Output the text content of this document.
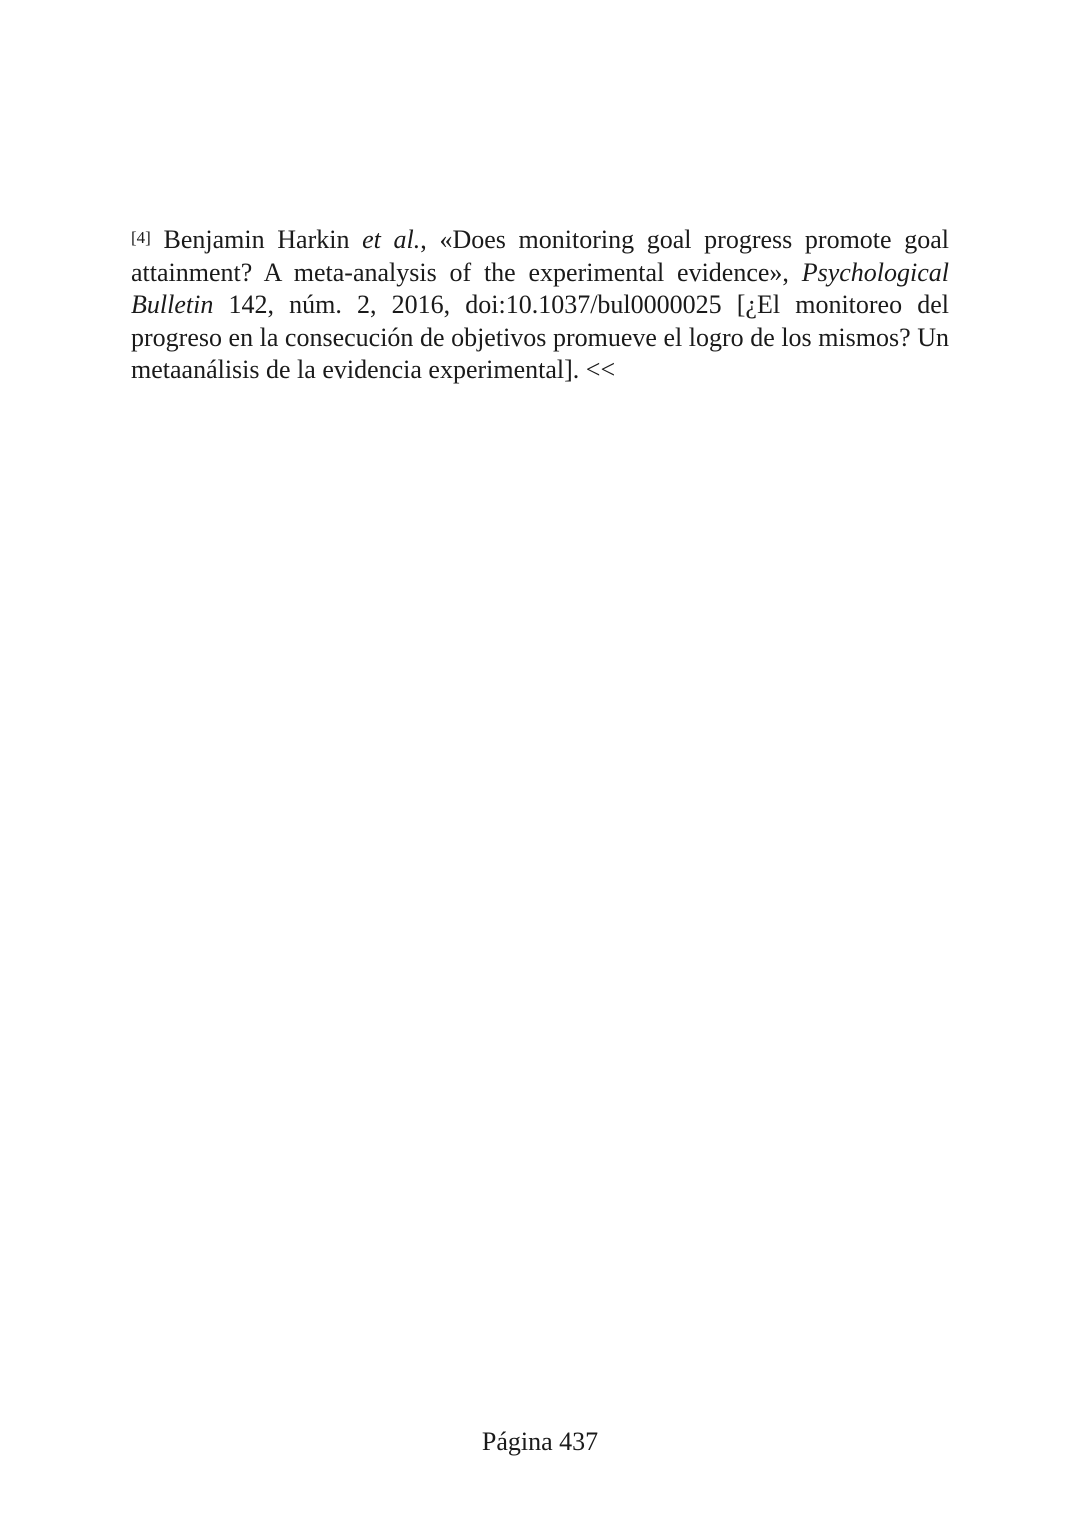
[4] Benjamin Harkin et al., «Does monitoring goal progress promote goal attainment? A meta-analysis of the experimental evidence», Psychological Bulletin 142, núm. 2, 2016, doi:10.1037/bul0000025 [¿El monitoreo del progreso en la consecución de objetivos promueve el logro de los mismos? Un metaanálisis de la evidencia experimental]. <<

Página 437
